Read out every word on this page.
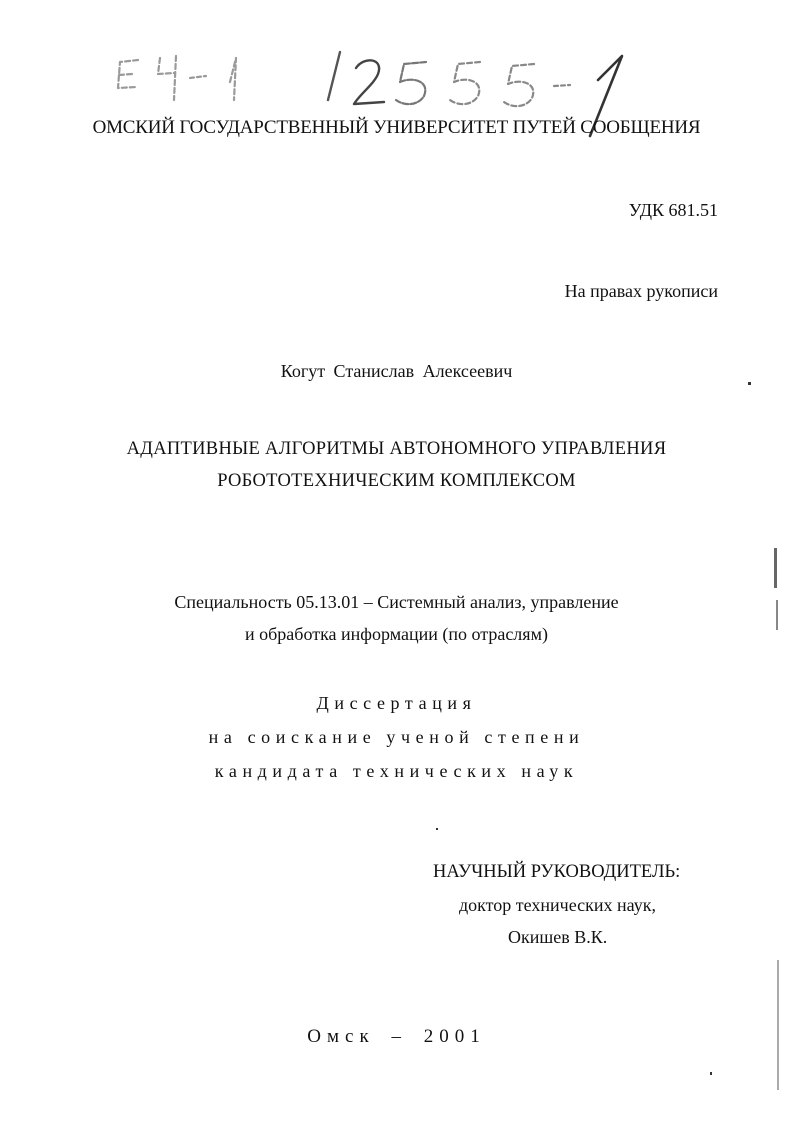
ОМСКИЙ ГОСУДАРСТВЕННЫЙ УНИВЕРСИТЕТ ПУТЕЙ СООБЩЕНИЯ
УДК 681.51
На правах рукописи
Когут Станислав Алексеевич
АДАПТИВНЫЕ АЛГОРИТМЫ АВТОНОМНОГО УПРАВЛЕНИЯ
РОБОТОТЕХНИЧЕСКИМ КОМПЛЕКСОМ
Специальность 05.13.01 – Системный анализ, управление
и обработка информации (по отраслям)
Диссертация
на соискание ученой степени
кандидата технических наук
НАУЧНЫЙ РУКОВОДИТЕЛЬ:
доктор технических наук,
Окишев В.К.
Омск – 2001
